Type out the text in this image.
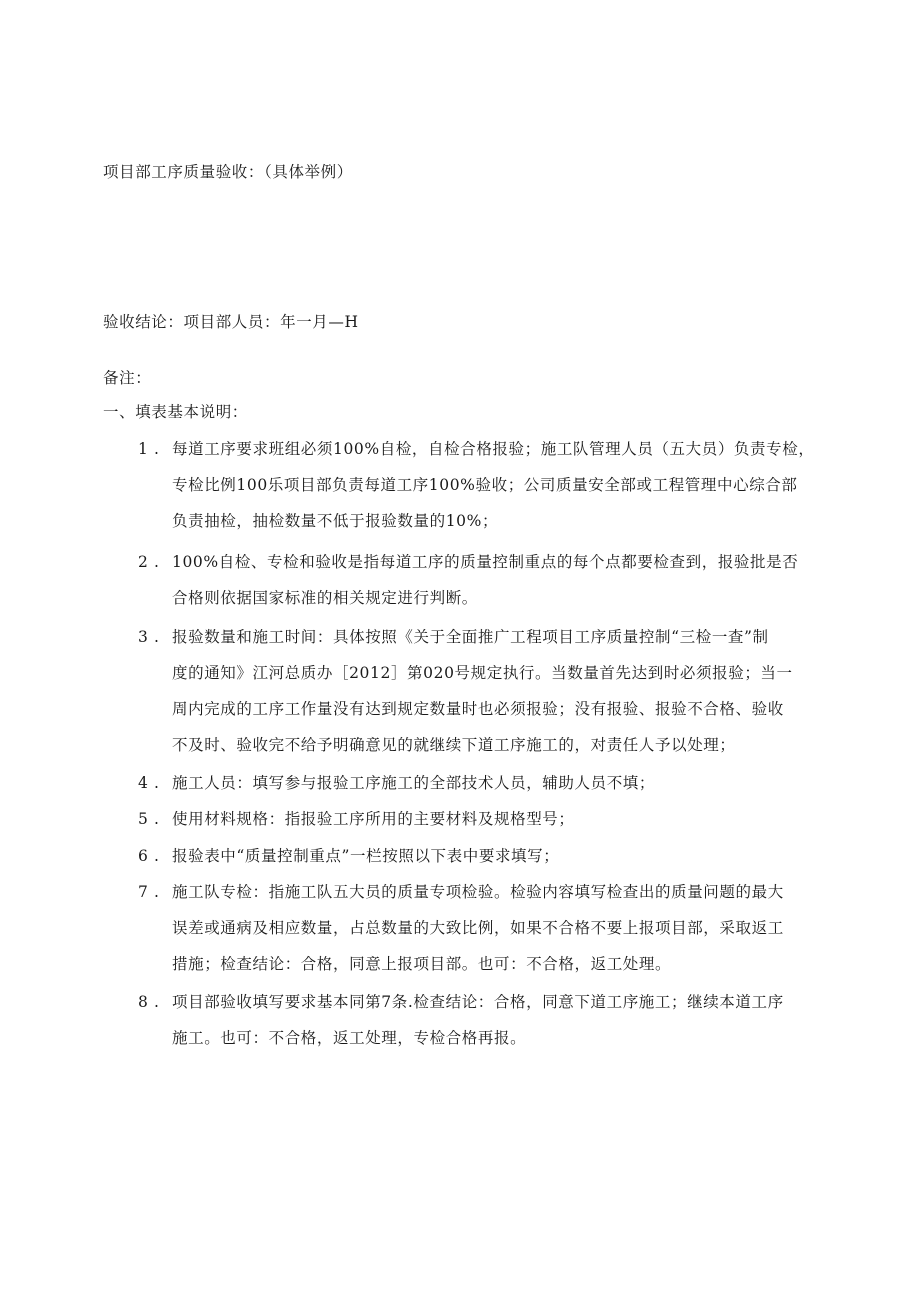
项目部工序质量验收：（具体举例）
验收结论：项目部人员：年一月—H
备注：
一、填表基本说明：
1 . 每道工序要求班组必须100%自检，自检合格报验；施工队管理人员（五大员）负责专检，
专检比例100乐项目部负责每道工序100%验收；公司质量安全部或工程管理中心综合部
负责抽检，抽检数量不低于报验数量的10%；
2 . 100%自检、专检和验收是指每道工序的质量控制重点的每个点都要检查到，报验批是否
合格则依据国家标准的相关规定进行判断。
3 . 报验数量和施工时间：具体按照《关于全面推广工程项目工序质量控制“三检一查”制
度的通知》江河总质办［2012］第020号规定执行。当数量首先达到时必须报验；当一
周内完成的工序工作量没有达到规定数量时也必须报验；没有报验、报验不合格、验收
不及时、验收完不给予明确意见的就继续下道工序施工的，对责任人予以处理；
4 . 施工人员：填写参与报验工序施工的全部技术人员，辅助人员不填；
5 . 使用材料规格：指报验工序所用的主要材料及规格型号；
6 . 报验表中“质量控制重点”一栏按照以下表中要求填写；
7 . 施工队专检：指施工队五大员的质量专项检验。检验内容填写检查出的质量问题的最大
误差或通病及相应数量，占总数量的大致比例，如果不合格不要上报项目部，采取返工
措施；检查结论：合格，同意上报项目部。也可：不合格，返工处理。
8 . 项目部验收填写要求基本同第7条.检查结论：合格，同意下道工序施工；继续本道工序
施工。也可：不合格，返工处理，专检合格再报。
